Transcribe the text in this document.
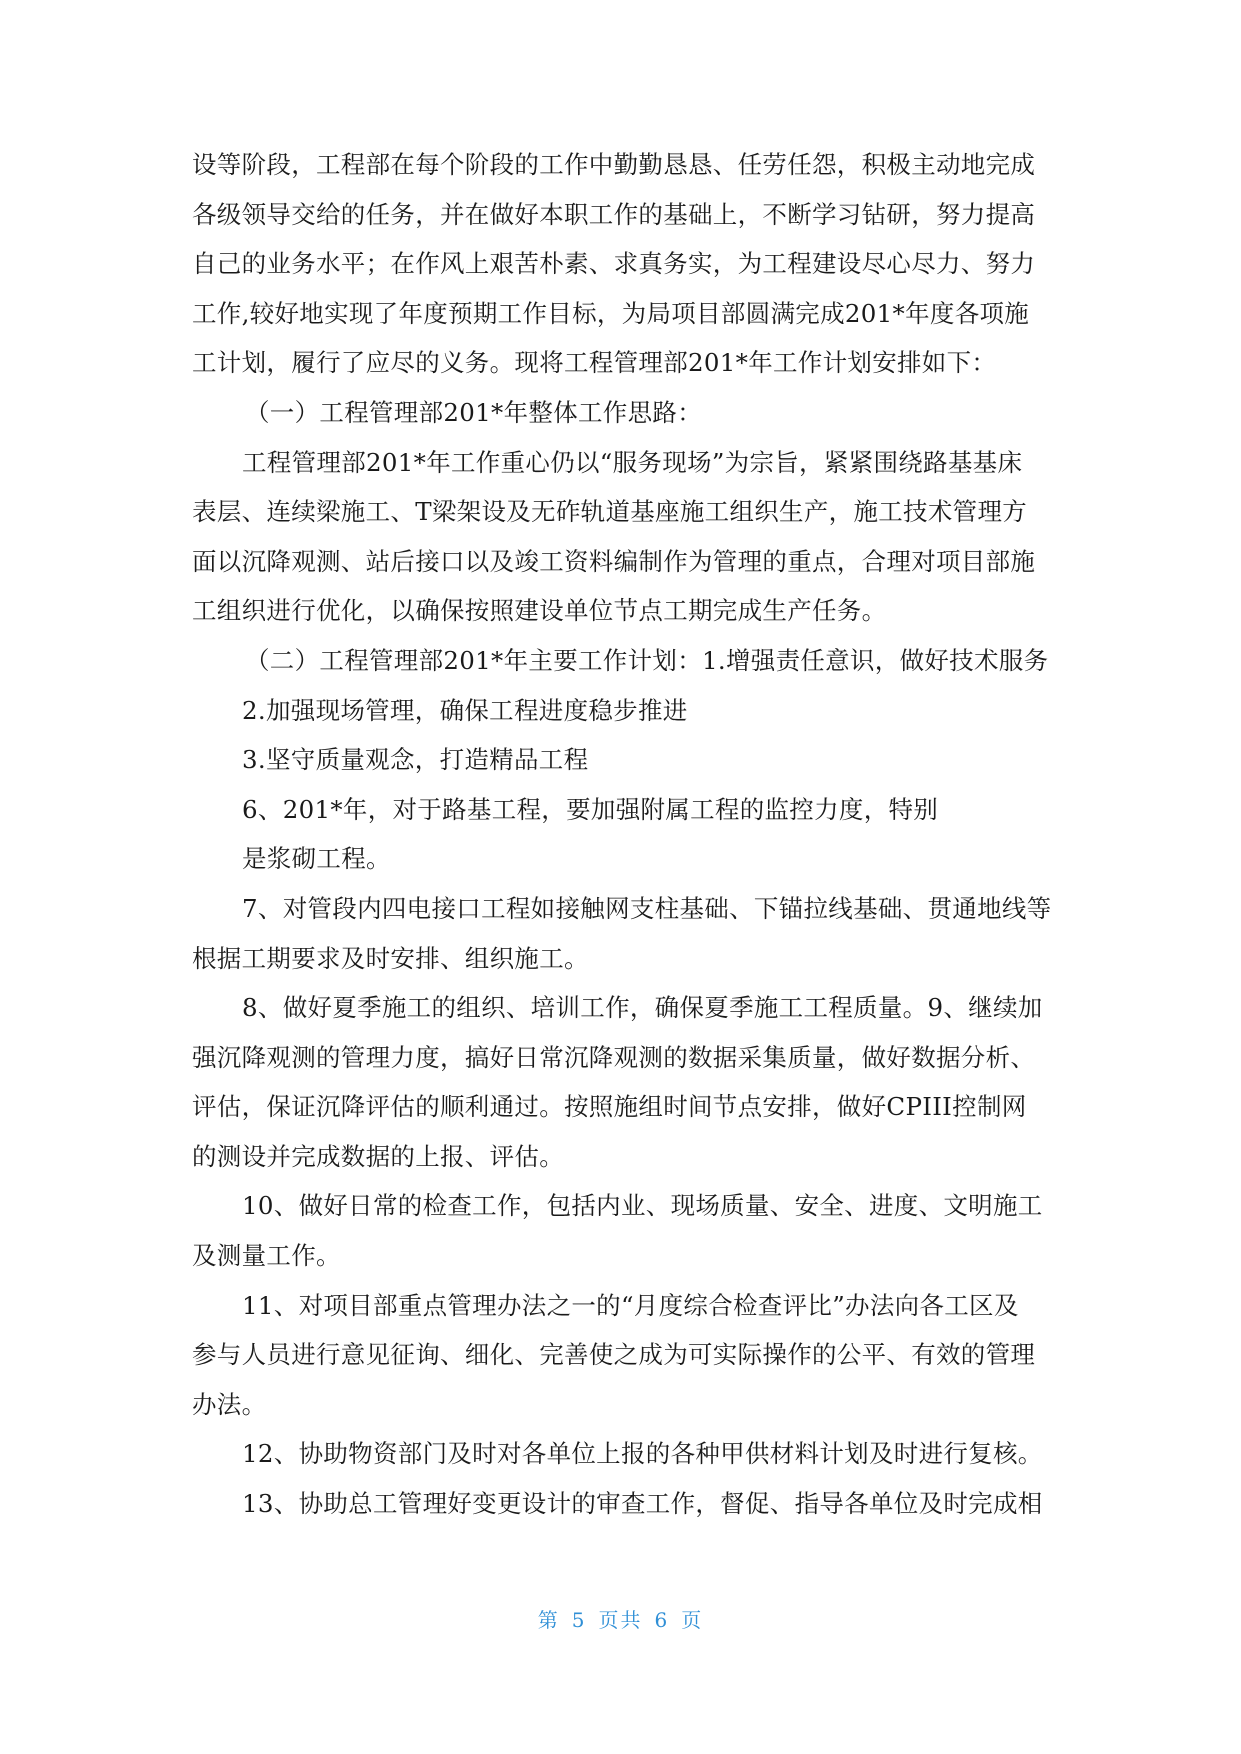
设等阶段，工程部在每个阶段的工作中勤勤恳恳、任劳任怨，积极主动地完成
各级领导交给的任务，并在做好本职工作的基础上，不断学习钻研，努力提高
自己的业务水平；在作风上艰苦朴素、求真务实，为工程建设尽心尽力、努力
工作,较好地实现了年度预期工作目标，为局项目部圆满完成201*年度各项施
工计划，履行了应尽的义务。现将工程管理部201*年工作计划安排如下：
（一）工程管理部201*年整体工作思路：
工程管理部201*年工作重心仍以“服务现场”为宗旨，紧紧围绕路基基床
表层、连续梁施工、T梁架设及无砟轨道基座施工组织生产，施工技术管理方
面以沉降观测、站后接口以及竣工资料编制作为管理的重点，合理对项目部施
工组织进行优化，以确保按照建设单位节点工期完成生产任务。
（二）工程管理部201*年主要工作计划：1.增强责任意识，做好技术服务
2.加强现场管理，确保工程进度稳步推进
3.坚守质量观念，打造精品工程
6、201*年，对于路基工程，要加强附属工程的监控力度，特别
是浆砌工程。
7、对管段内四电接口工程如接触网支柱基础、下锚拉线基础、贯通地线等
根据工期要求及时安排、组织施工。
8、做好夏季施工的组织、培训工作，确保夏季施工工程质量。9、继续加
强沉降观测的管理力度，搞好日常沉降观测的数据采集质量，做好数据分析、
评估，保证沉降评估的顺利通过。按照施组时间节点安排，做好CPIII控制网
的测设并完成数据的上报、评估。
10、做好日常的检查工作，包括内业、现场质量、安全、进度、文明施工
及测量工作。
11、对项目部重点管理办法之一的“月度综合检查评比”办法向各工区及
参与人员进行意见征询、细化、完善使之成为可实际操作的公平、有效的管理
办法。
12、协助物资部门及时对各单位上报的各种甲供材料计划及时进行复核。
13、协助总工管理好变更设计的审查工作，督促、指导各单位及时完成相
第 5 页共 6 页
